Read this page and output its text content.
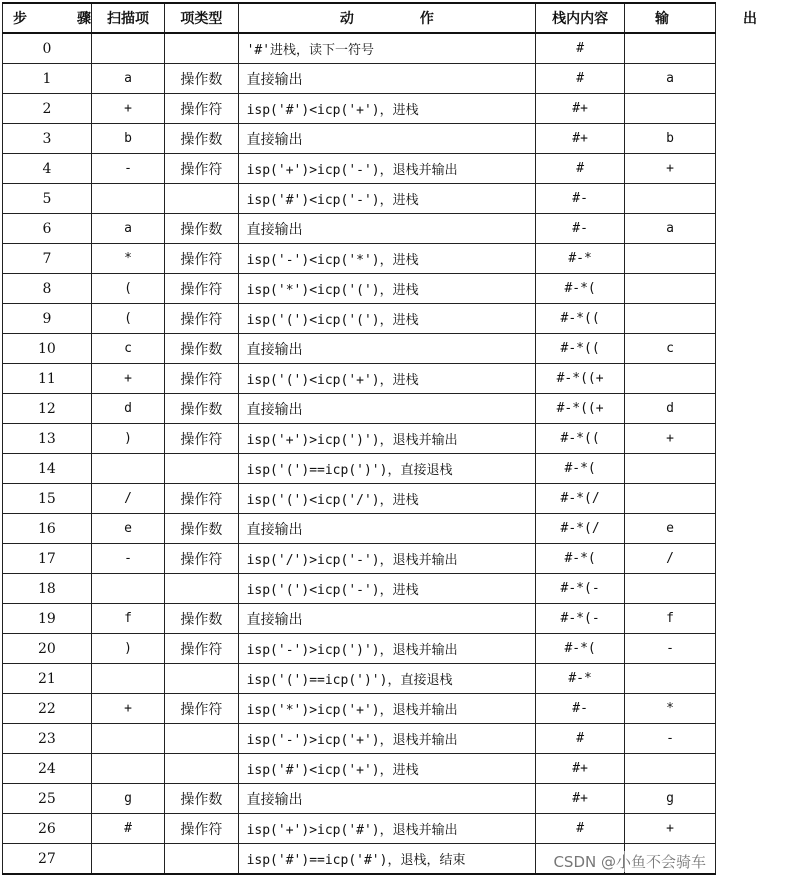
步　骤	扫描项	项类型	动　作	栈内内容	输　出
0			'#'进栈，读下一符号	#	
1	a	操作数	直接输出	#	a
2	+	操作符	isp('#')<icp('+')，进栈	#+	
3	b	操作数	直接输出	#+	b
4	-	操作符	isp('+')>icp('-')，退栈并输出	#	+
5			isp('#')<icp('-')，进栈	#-	
6	a	操作数	直接输出	#-	a
7	*	操作符	isp('-')<icp('*')，进栈	#-*	
8	(	操作符	isp('*')<icp('(')，进栈	#-*(	
9	(	操作符	isp('(')<icp('(')，进栈	#-*((	
10	c	操作数	直接输出	#-*((	c
11	+	操作符	isp('(')<icp('+')，进栈	#-*((+	
12	d	操作数	直接输出	#-*((+	d
13	)	操作符	isp('+')>icp(')')，退栈并输出	#-*((	+
14			isp('(')==icp(')')，直接退栈	#-*(	
15	/	操作符	isp('(')<icp('/')，进栈	#-*(/	
16	e	操作数	直接输出	#-*(/	e
17	-	操作符	isp('/')>icp('-')，退栈并输出	#-*(	/
18			isp('(')<icp('-')，进栈	#-*(-	
19	f	操作数	直接输出	#-*(-	f
20	)	操作符	isp('-')>icp(')')，退栈并输出	#-*(	-
21			isp('(')==icp(')')，直接退栈	#-*	
22	+	操作符	isp('*')>icp('+')，退栈并输出	#-	*
23			isp('-')>icp('+')，退栈并输出	#	-
24			isp('#')<icp('+')，进栈	#+	
25	g	操作数	直接输出	#+	g
26	#	操作符	isp('+')>icp('#')，退栈并输出	#	+
27			isp('#')==icp('#')，退栈，结束			CSDN @小鱼不会骑车
